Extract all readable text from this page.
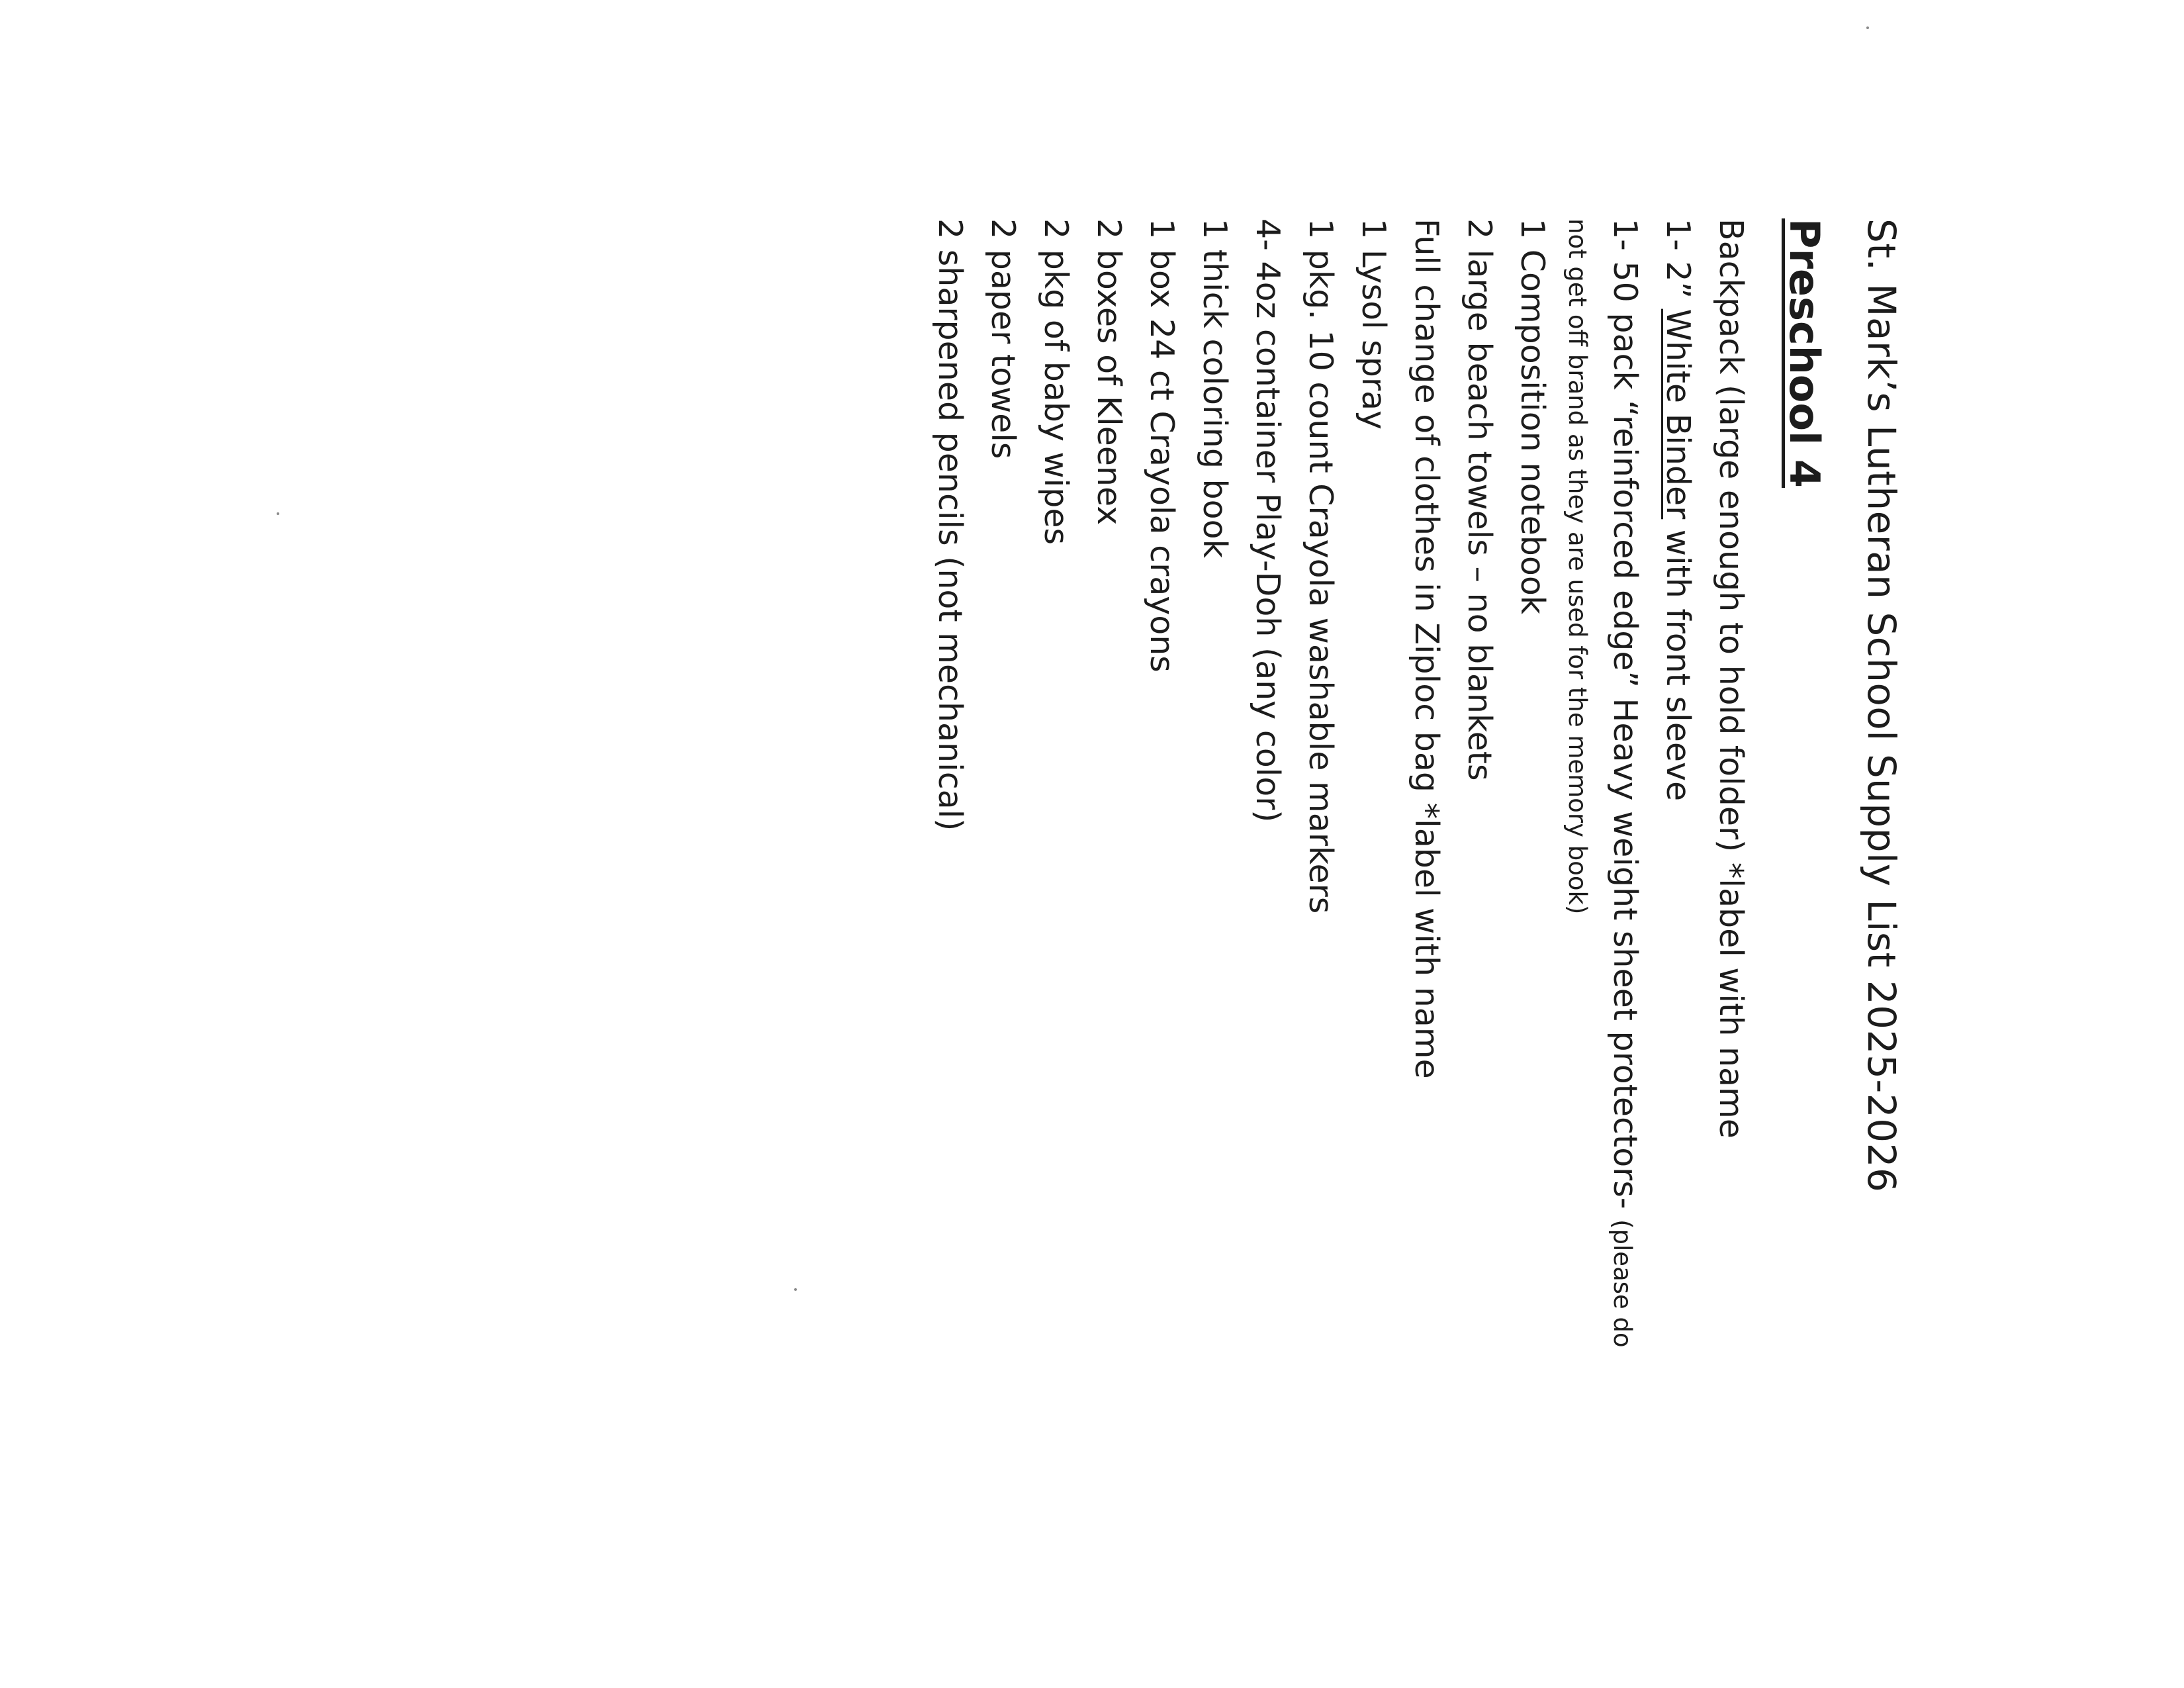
St. Mark’s Lutheran School Supply List 2025-2026
Preschool 4
Backpack (large enough to hold folder) *label with name
1- 2” White Binder with front sleeve
1- 50 pack “reinforced edge” Heavy weight sheet protectors- (please do
not get off brand as they are used for the memory book)
1 Composition notebook
2 large beach towels – no blankets
Full change of clothes in Ziploc bag *label with name
1 Lysol spray
1 pkg. 10 count Crayola washable markers
4- 4oz container Play-Doh (any color)
1 thick coloring book
1 box 24 ct Crayola crayons
2 boxes of Kleenex
2 pkg of baby wipes
2 paper towels
2 sharpened pencils (not mechanical)
